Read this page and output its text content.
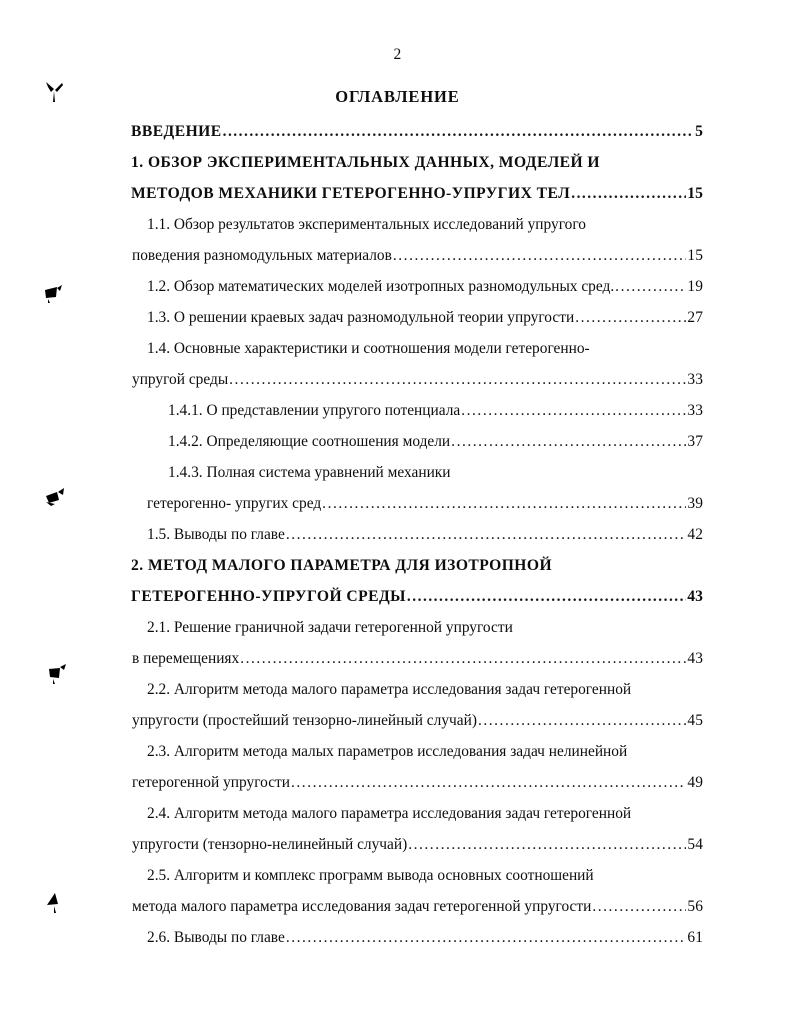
2
ОГЛАВЛЕНИЕ
ВВЕДЕНИЕ .....	5
1. ОБЗОР ЭКСПЕРИМЕНТАЛЬНЫХ ДАННЫХ, МОДЕЛЕЙ И
МЕТОДОВ МЕХАНИКИ ГЕТЕРОГЕННО-УПРУГИХ ТЕЛ .....	15
1.1. Обзор результатов экспериментальных исследований упругого
поведения разномодульных материалов .....	15
1.2. Обзор математических моделей изотропных разномодульных сред. .....	19
1.3. О решении краевых задач разномодульной теории упругости .....	27
1.4. Основные характеристики и соотношения модели гетерогенно-
упругой среды .....	33
1.4.1. О представлении упругого потенциала .....	33
1.4.2. Определяющие соотношения модели .....	37
1.4.3. Полная система уравнений механики
гетерогенно- упругих сред .....	39
1.5. Выводы по главе .....	42
2. МЕТОД МАЛОГО ПАРАМЕТРА ДЛЯ ИЗОТРОПНОЙ
ГЕТЕРОГЕННО-УПРУГОЙ СРЕДЫ .....	43
2.1. Решение граничной задачи гетерогенной упругости
в перемещениях .....	43
2.2. Алгоритм метода малого параметра исследования задач гетерогенной
упругости (простейший тензорно-линейный случай) .....	45
2.3. Алгоритм метода малых параметров исследования задач нелинейной
гетерогенной упругости .....	49
2.4. Алгоритм метода малого параметра исследования задач гетерогенной
упругости (тензорно-нелинейный случай) .....	54
2.5. Алгоритм и комплекс программ вывода основных соотношений
метода малого параметра исследования задач гетерогенной упругости .....	56
2.6. Выводы по главе .....	61
